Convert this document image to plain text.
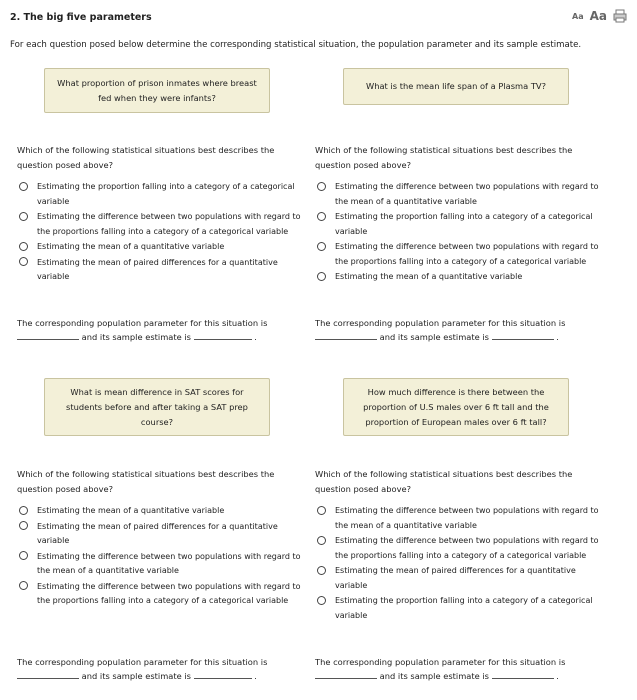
2. The big five parameters	Aa Aa
For each question posed below determine the corresponding statistical situation, the population parameter and its sample estimate.
What proportion of prison inmates where breast fed when they were infants?
Which of the following statistical situations best describes the question posed above?
Estimating the proportion falling into a category of a categorical variable
Estimating the difference between two populations with regard to the proportions falling into a category of a categorical variable
Estimating the mean of a quantitative variable
Estimating the mean of paired differences for a quantitative variable
The corresponding population parameter for this situation is
and its sample estimate is	.
What is the mean life span of a Plasma TV?
Which of the following statistical situations best describes the question posed above?
Estimating the difference between two populations with regard to the mean of a quantitative variable
Estimating the proportion falling into a category of a categorical variable
Estimating the difference between two populations with regard to the proportions falling into a category of a categorical variable
Estimating the mean of a quantitative variable
The corresponding population parameter for this situation is
and its sample estimate is	.
What is mean difference in SAT scores for students before and after taking a SAT prep course?
Which of the following statistical situations best describes the question posed above?
Estimating the mean of a quantitative variable
Estimating the mean of paired differences for a quantitative variable
Estimating the difference between two populations with regard to the mean of a quantitative variable
Estimating the difference between two populations with regard to the proportions falling into a category of a categorical variable
The corresponding population parameter for this situation is
and its sample estimate is	.
How much difference is there between the proportion of U.S males over 6 ft tall and the proportion of European males over 6 ft tall?
Which of the following statistical situations best describes the question posed above?
Estimating the difference between two populations with regard to the mean of a quantitative variable
Estimating the difference between two populations with regard to the proportions falling into a category of a categorical variable
Estimating the mean of paired differences for a quantitative variable
Estimating the proportion falling into a category of a categorical variable
The corresponding population parameter for this situation is
and its sample estimate is	.
